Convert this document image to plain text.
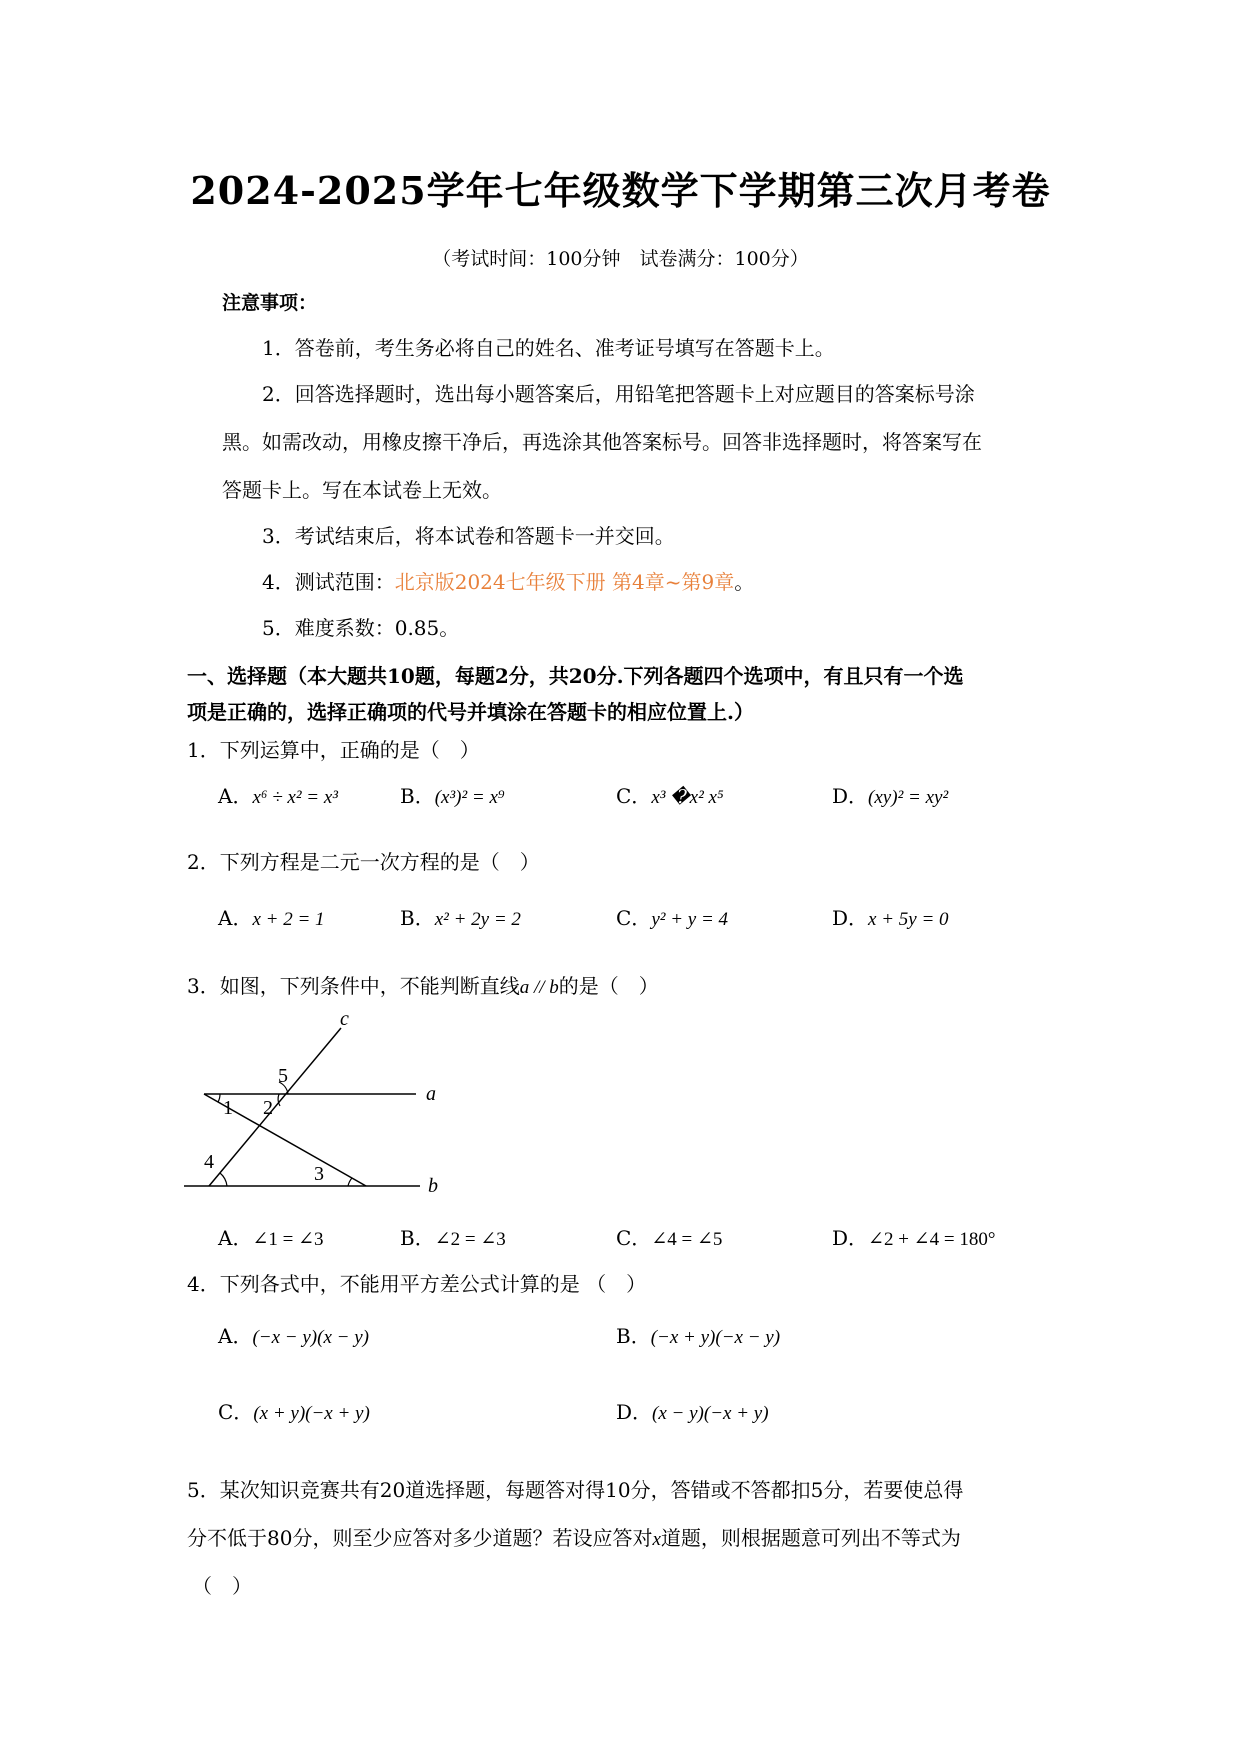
2024-2025学年七年级数学下学期第三次月考卷
（考试时间：100分钟　试卷满分：100分）
注意事项：
1．答卷前，考生务必将自己的姓名、准考证号填写在答题卡上。
2．回答选择题时，选出每小题答案后，用铅笔把答题卡上对应题目的答案标号涂
黑。如需改动，用橡皮擦干净后，再选涂其他答案标号。回答非选择题时，将答案写在
答题卡上。写在本试卷上无效。
3．考试结束后，将本试卷和答题卡一并交回。
4．测试范围：北京版2024七年级下册 第4章~第9章。
5．难度系数：0.85。
一、选择题（本大题共10题，每题2分，共20分.下列各题四个选项中，有且只有一个选
项是正确的，选择正确项的代号并填涂在答题卡的相应位置上.）
1．下列运算中，正确的是（　）
A．x⁶ ÷ x² = x³	B．(x³)² = x⁹	C．x³ �x² x⁵	D．(xy)² = xy²
2．下列方程是二元一次方程的是（　）
A．x + 2 = 1	B．x² + 2y = 2	C．y² + y = 4	D．x + 5y = 0
3．如图，下列条件中，不能判断直线a // b的是（　）
c
a
b
1 2
3
4
5
A．∠1 = ∠3	B．∠2 = ∠3	C．∠4 = ∠5	D．∠2 + ∠4 = 180°
4．下列各式中，不能用平方差公式计算的是 （　）
A．(−x − y)(x − y)	B．(−x + y)(−x − y)
C．(x + y)(−x + y)	D．(x − y)(−x + y)
5．某次知识竞赛共有20道选择题，每题答对得10分，答错或不答都扣5分，若要使总得
分不低于80分，则至少应答对多少道题？若设应答对x道题，则根据题意可列出不等式为
（　）
